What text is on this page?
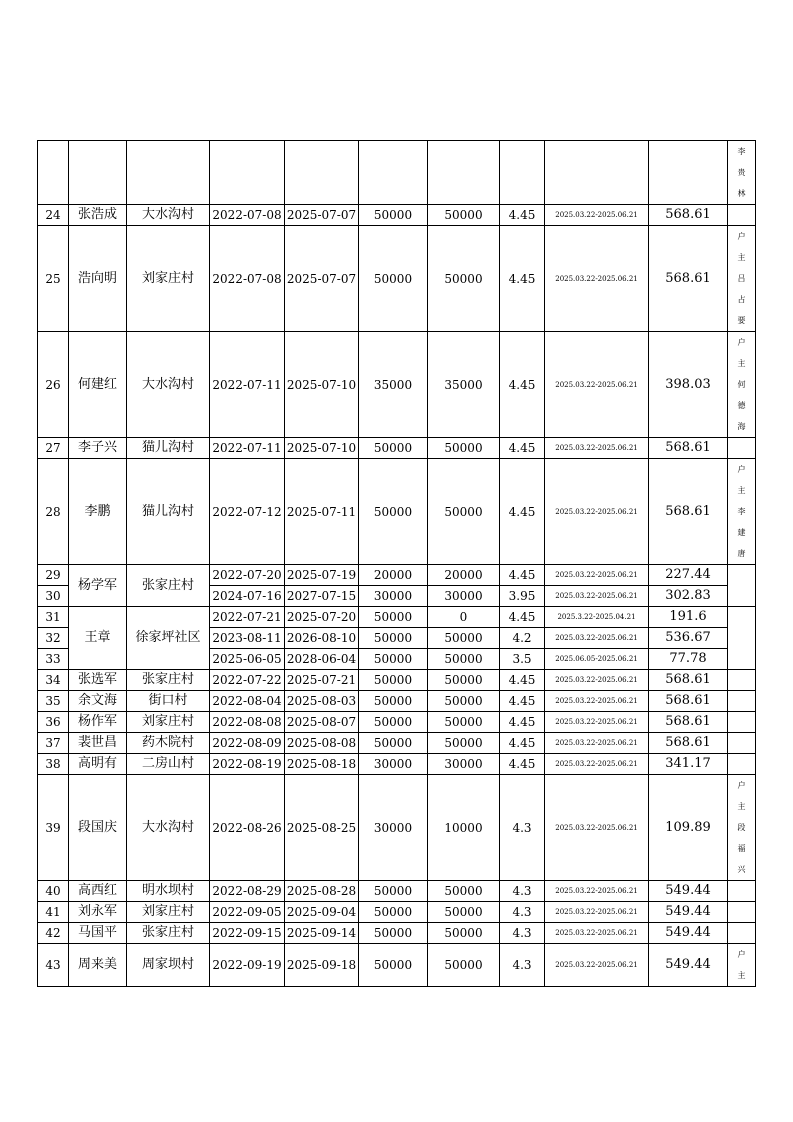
										李
贵
林

24	张浩成	大水沟村	2022-07-08	2025-07-07	50000	50000	4.45	2025.03.22-2025.06.21	568.61	
25	浩向明	刘家庄村	2022-07-08	2025-07-07	50000	50000	4.45	2025.03.22-2025.06.21	568.61	户
主
吕
占
要

26	何建红	大水沟村	2022-07-11	2025-07-10	35000	35000	4.45	2025.03.22-2025.06.21	398.03	户
主
何
德
海

27	李子兴	猫儿沟村	2022-07-11	2025-07-10	50000	50000	4.45	2025.03.22-2025.06.21	568.61	
28	李鹏	猫儿沟村	2022-07-12	2025-07-11	50000	50000	4.45	2025.03.22-2025.06.21	568.61	户
主
李
建
唐

29	杨学军	张家庄村	2022-07-20	2025-07-19	20000	20000	4.45	2025.03.22-2025.06.21	227.44	
30			2024-07-16	2027-07-15	30000	30000	3.95	2025.03.22-2025.06.21	302.83	
31	王章	徐家坪社区	2022-07-21	2025-07-20	50000	0	4.45	2025.3.22-2025.04.21	191.6	
32			2023-08-11	2026-08-10	50000	50000	4.2	2025.03.22-2025.06.21	536.67	
33			2025-06-05	2028-06-04	50000	50000	3.5	2025.06.05-2025.06.21	77.78	
34	张选军	张家庄村	2022-07-22	2025-07-21	50000	50000	4.45	2025.03.22-2025.06.21	568.61	
35	余文海	街口村	2022-08-04	2025-08-03	50000	50000	4.45	2025.03.22-2025.06.21	568.61	
36	杨作军	刘家庄村	2022-08-08	2025-08-07	50000	50000	4.45	2025.03.22-2025.06.21	568.61	
37	裴世昌	药木院村	2022-08-09	2025-08-08	50000	50000	4.45	2025.03.22-2025.06.21	568.61	
38	高明有	二房山村	2022-08-19	2025-08-18	30000	30000	4.45	2025.03.22-2025.06.21	341.17	
39	段国庆	大水沟村	2022-08-26	2025-08-25	30000	10000	4.3	2025.03.22-2025.06.21	109.89	户
主
段
福
兴

40	高西红	明水坝村	2022-08-29	2025-08-28	50000	50000	4.3	2025.03.22-2025.06.21	549.44	
41	刘永军	刘家庄村	2022-09-05	2025-09-04	50000	50000	4.3	2025.03.22-2025.06.21	549.44	
42	马国平	张家庄村	2022-09-15	2025-09-14	50000	50000	4.3	2025.03.22-2025.06.21	549.44	
43	周来美	周家坝村	2022-09-19	2025-09-18	50000	50000	4.3	2025.03.22-2025.06.21	549.44	户
主
